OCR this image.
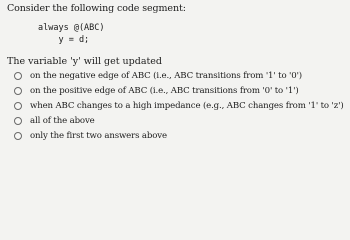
Consider the following code segment:
always @(ABC)
y = d;
The variable 'y' will get updated
on the negative edge of ABC (i.e., ABC transitions from '1' to '0')
on the positive edge of ABC (i.e., ABC transitions from '0' to '1')
when ABC changes to a high impedance (e.g., ABC changes from '1' to 'z')
all of the above
only the first two answers above
